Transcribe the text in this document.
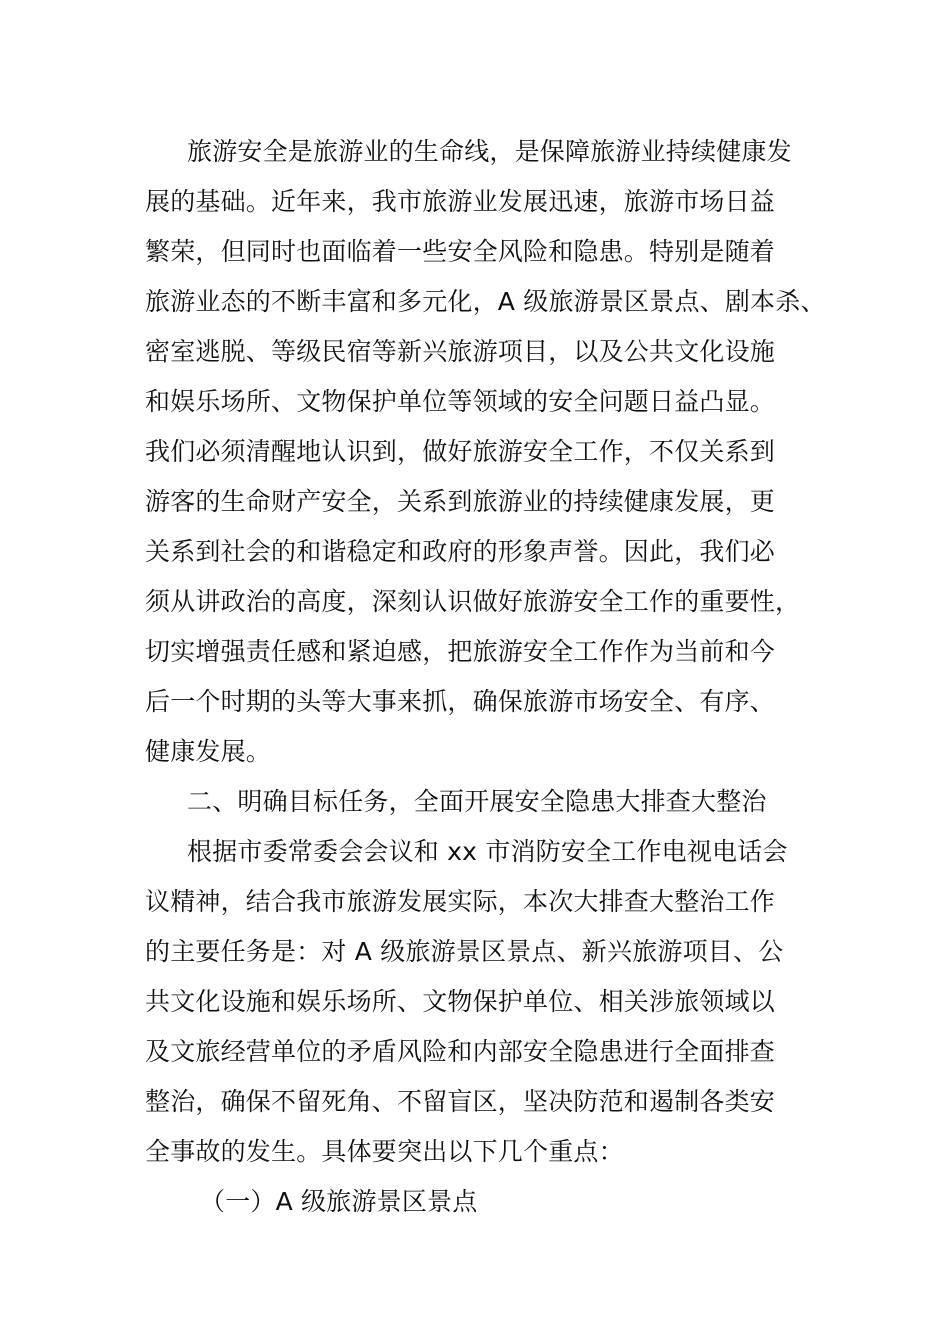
旅游安全是旅游业的生命线，是保障旅游业持续健康发
展的基础。近年来，我市旅游业发展迅速，旅游市场日益
繁荣，但同时也面临着一些安全风险和隐患。特别是随着
旅游业态的不断丰富和多元化，A 级旅游景区景点、剧本杀、
密室逃脱、等级民宿等新兴旅游项目，以及公共文化设施
和娱乐场所、文物保护单位等领域的安全问题日益凸显。
我们必须清醒地认识到，做好旅游安全工作，不仅关系到
游客的生命财产安全，关系到旅游业的持续健康发展，更
关系到社会的和谐稳定和政府的形象声誉。因此，我们必
须从讲政治的高度，深刻认识做好旅游安全工作的重要性，
切实增强责任感和紧迫感，把旅游安全工作作为当前和今
后一个时期的头等大事来抓，确保旅游市场安全、有序、
健康发展。
二、明确目标任务，全面开展安全隐患大排查大整治
根据市委常委会会议和 xx 市消防安全工作电视电话会
议精神，结合我市旅游发展实际，本次大排查大整治工作
的主要任务是：对 A 级旅游景区景点、新兴旅游项目、公
共文化设施和娱乐场所、文物保护单位、相关涉旅领域以
及文旅经营单位的矛盾风险和内部安全隐患进行全面排查
整治，确保不留死角、不留盲区，坚决防范和遏制各类安
全事故的发生。具体要突出以下几个重点：
（一）A 级旅游景区景点
